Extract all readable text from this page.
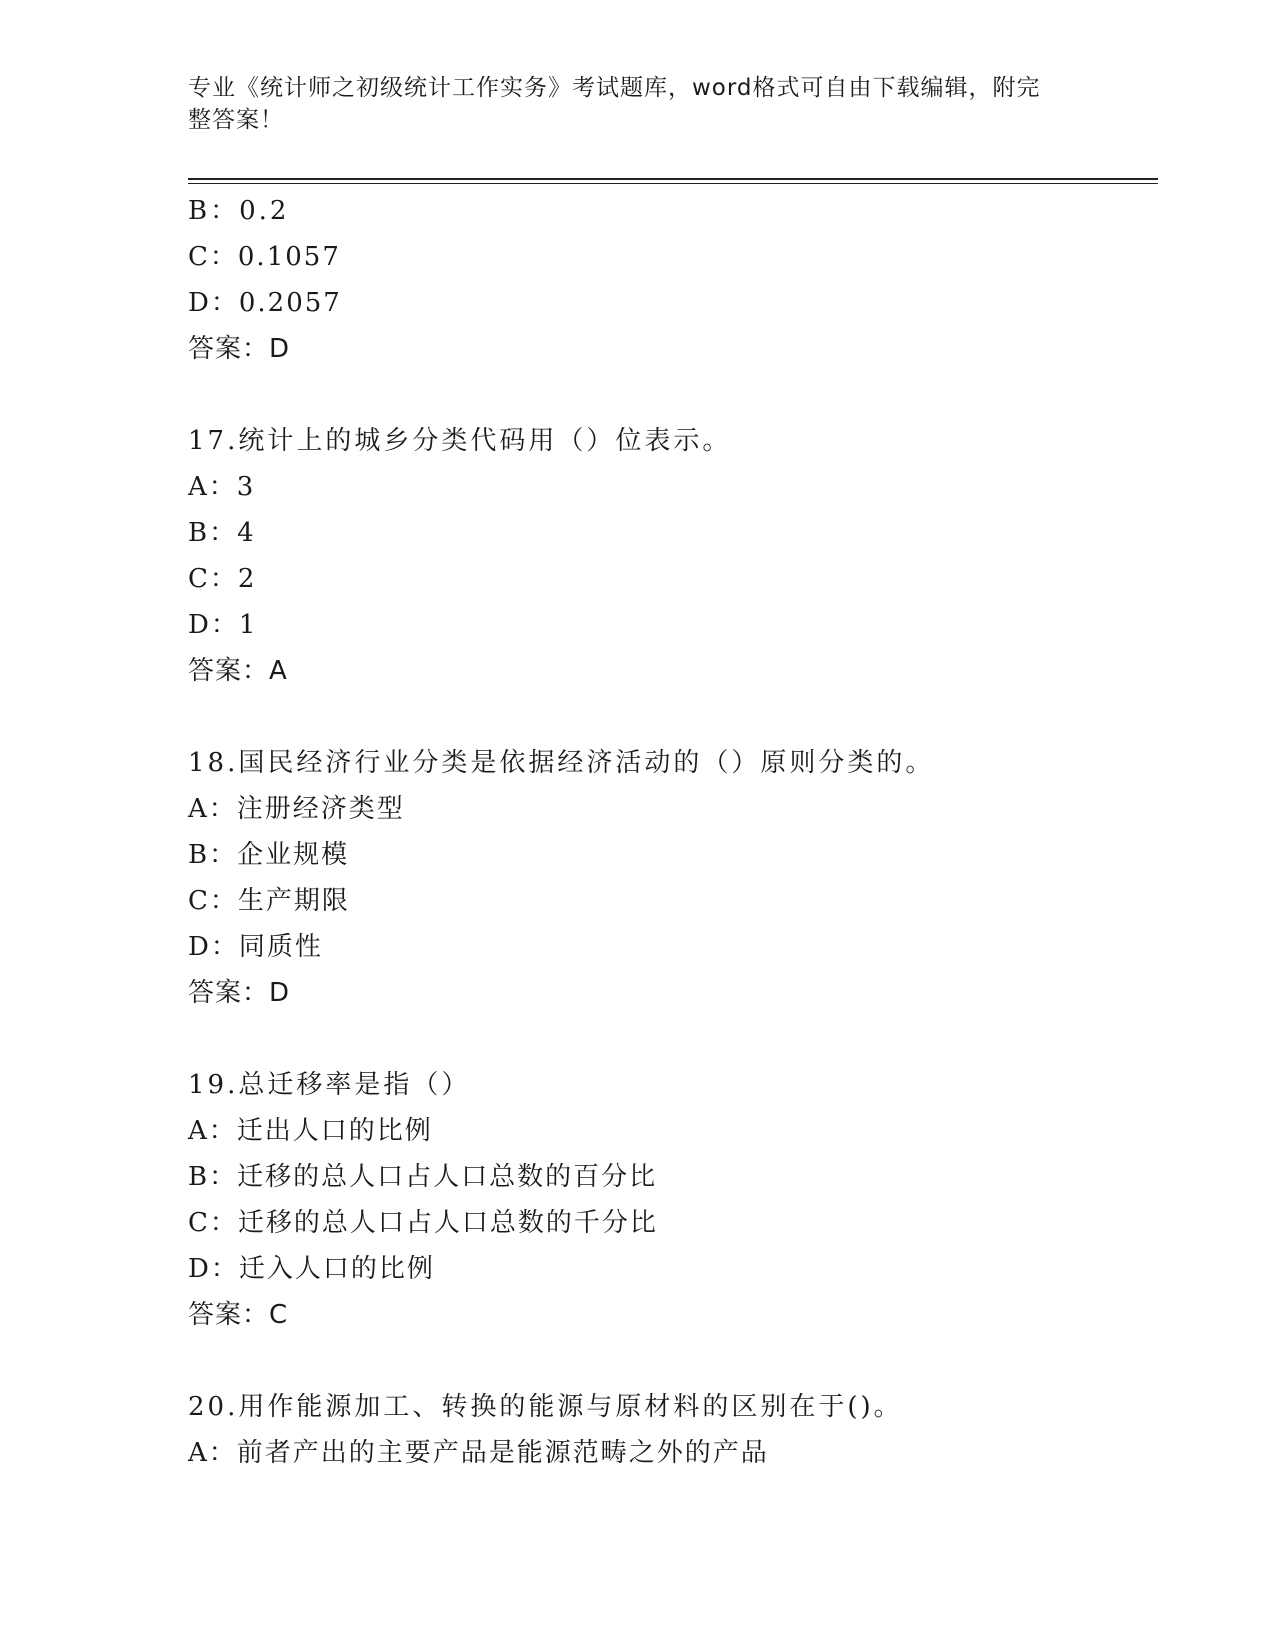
专业《统计师之初级统计工作实务》考试题库，word格式可自由下载编辑，附完
整答案！
B：0.2
C：0.1057
D：0.2057
答案：D
17.统计上的城乡分类代码用（）位表示。
A：3
B：4
C：2
D：1
答案：A
18.国民经济行业分类是依据经济活动的（）原则分类的。
A：注册经济类型
B：企业规模
C：生产期限
D：同质性
答案：D
19.总迁移率是指（）
A：迁出人口的比例
B：迁移的总人口占人口总数的百分比
C：迁移的总人口占人口总数的千分比
D：迁入人口的比例
答案：C
20.用作能源加工、转换的能源与原材料的区别在于()。
A：前者产出的主要产品是能源范畴之外的产品
